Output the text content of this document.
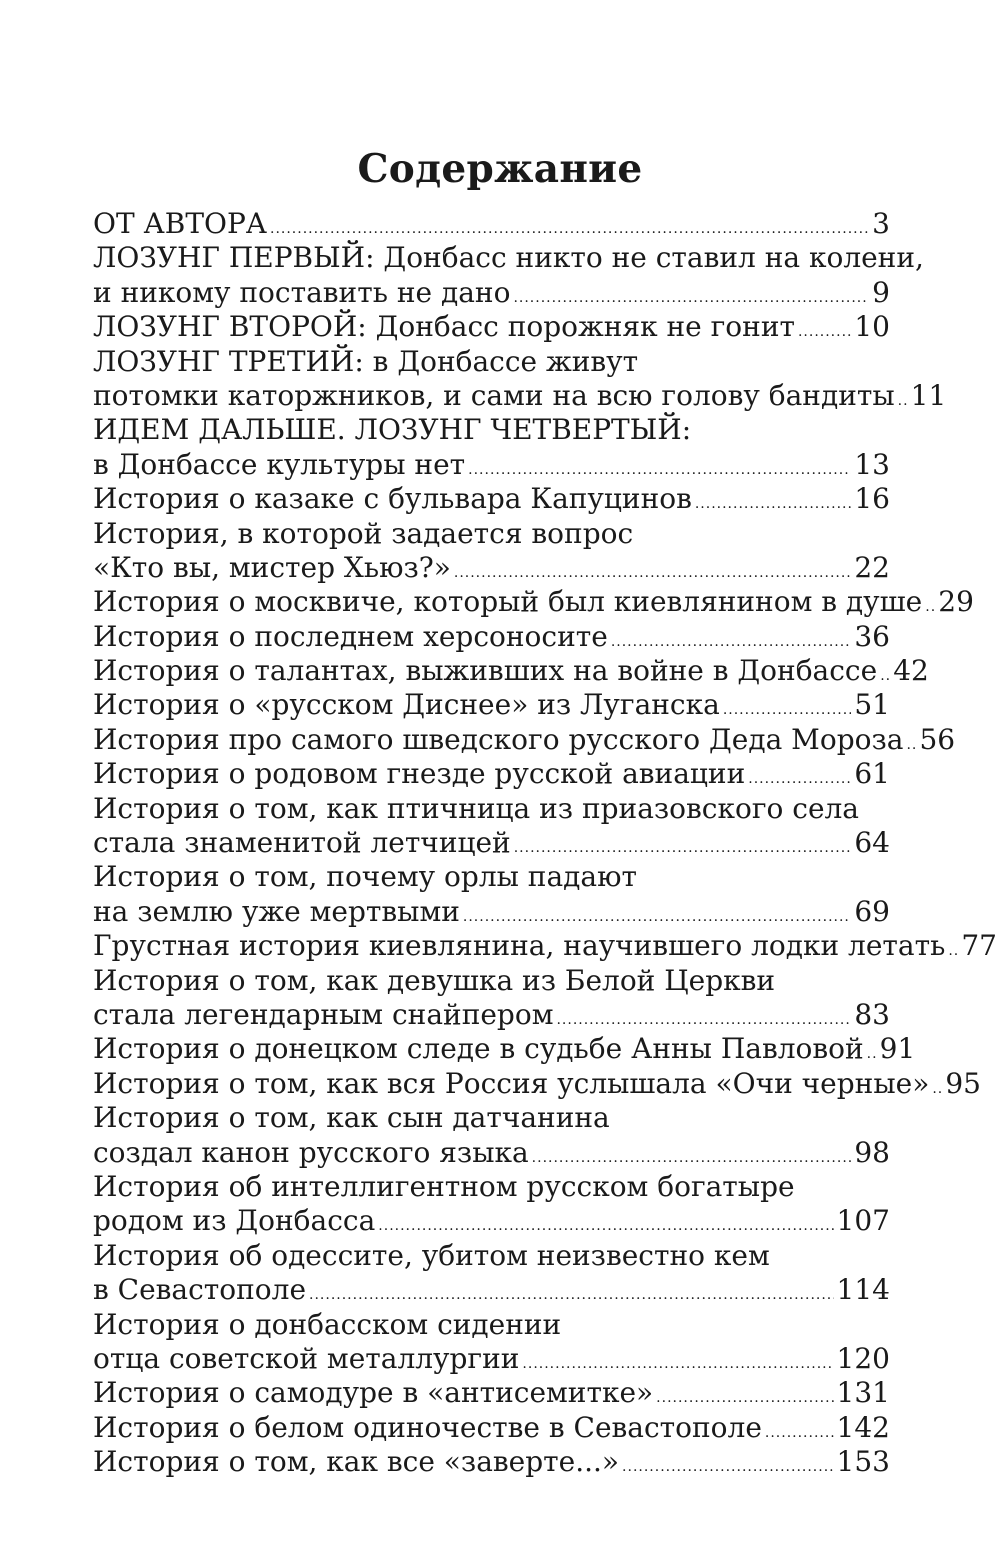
Содержание
ОТ АВТОРА .....	3
ЛОЗУНГ ПЕРВЫЙ: Донбасс никто не ставил на колени,
и никому поставить не дано .....	9
ЛОЗУНГ ВТОРОЙ: Донбасс порожняк не гонит ..... 10
ЛОЗУНГ ТРЕТИЙ: в Донбассе живут
потомки каторжников, и сами на всю голову бандиты ..... 11
ИДЕМ ДАЛЬШЕ. ЛОЗУНГ ЧЕТВЕРТЫЙ:
в Донбассе культуры нет .....	13
История о казаке с бульвара Капуцинов .....	16
История, в которой задается вопрос
«Кто вы, мистер Хьюз?» .....	22
История о москвиче, который был киевлянином в душе ..... 29
История о последнем херсоносите .....	36
История о талантах, выживших на войне в Донбассе ..... 42
История о «русском Диснее» из Луганска .....	51
История про самого шведского русского Деда Мороза ..... 56
История о родовом гнезде русской авиации .....	61
История о том, как птичница из приазовского села
стала знаменитой летчицей .....	64
История о том, почему орлы падают
на землю уже мертвыми .....	69
Грустная история киевлянина, научившего лодки летать ..... 77
История о том, как девушка из Белой Церкви
стала легендарным снайпером .....	83
История о донецком следе в судьбе Анны Павловой ..... 91
История о том, как вся Россия услышала «Очи черные» ..... 95
История о том, как сын датчанина
создал канон русского языка .....	98
История об интеллигентном русском богатыре
родом из Донбасса .....	107
История об одессите, убитом неизвестно кем
в Севастополе .....	114
История о донбасском сидении
отца советской металлургии .....	120
История о самодуре в «антисемитке» .....	131
История о белом одиночестве в Севастополе .....	142
История о том, как все «заверте...» .....	153
